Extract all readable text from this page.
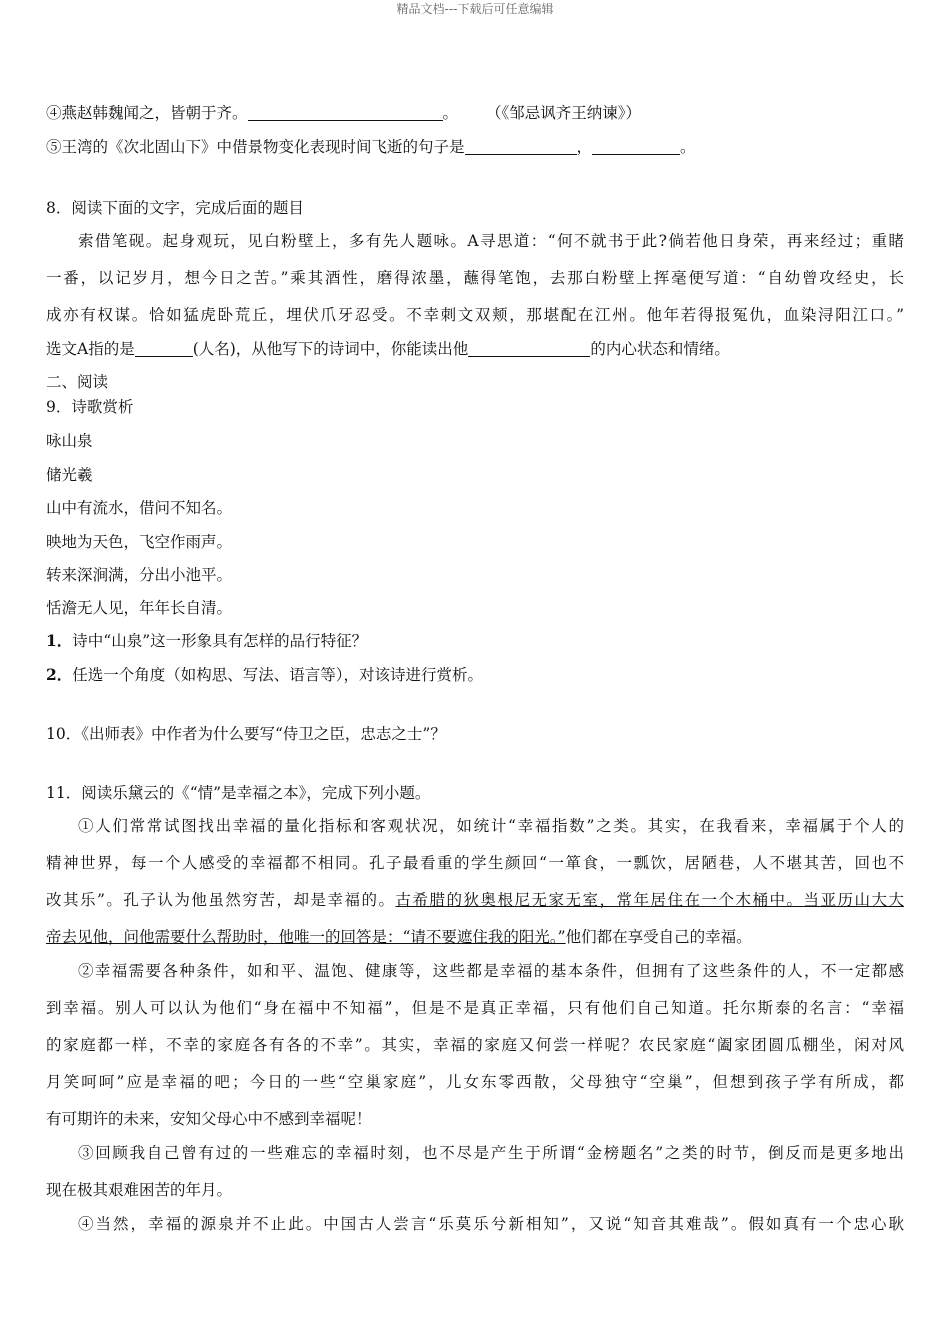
精品文档---下载后可任意编辑
④燕赵韩魏闻之，皆朝于齐。	。 （《邹忌讽齐王纳谏》）
⑤王湾的《次北固山下》中借景物变化表现时间飞逝的句子是	，	。
8．阅读下面的文字，完成后面的题目
索借笔砚。起身观玩，见白粉壁上，多有先人题咏。A寻思道：“何不就书于此?倘若他日身荣，再来经过；重睹
一番，以记岁月，想今日之苦。”乘其酒性，磨得浓墨，蘸得笔饱，去那白粉壁上挥毫便写道：“自幼曾攻经史，长
成亦有权谋。恰如猛虎卧荒丘，埋伏爪牙忍受。不幸刺文双颊，那堪配在江州。他年若得报冤仇，血染浔阳江口。”
选文A指的是	(人名)，从他写下的诗词中，你能读出他	的内心状态和情绪。
二、阅读
9．诗歌赏析
咏山泉
储光羲
山中有流水，借问不知名。
映地为天色，飞空作雨声。
转来深涧满，分出小池平。
恬澹无人见，年年长自清。
1．诗中“山泉”这一形象具有怎样的品行特征？
2．任选一个角度（如构思、写法、语言等），对该诗进行赏析。
10．《出师表》中作者为什么要写“侍卫之臣，忠志之士”？
11．阅读乐黛云的《“情”是幸福之本》，完成下列小题。
①人们常常试图找出幸福的量化指标和客观状况，如统计“幸福指数”之类。其实，在我看来，幸福属于个人的
精神世界，每一个人感受的幸福都不相同。孔子最看重的学生颜回“一箪食，一瓢饮，居陋巷，人不堪其苦，回也不
改其乐”。孔子认为他虽然穷苦，却是幸福的。古希腊的狄奥根尼无家无室，常年居住在一个木桶中。当亚历山大大
帝去见他，问他需要什么帮助时，他唯一的回答是：“请不要遮住我的阳光。”他们都在享受自己的幸福。
②幸福需要各种条件，如和平、温饱、健康等，这些都是幸福的基本条件，但拥有了这些条件的人，不一定都感
到幸福。别人可以认为他们“身在福中不知福”，但是不是真正幸福，只有他们自己知道。托尔斯泰的名言：“幸福
的家庭都一样，不幸的家庭各有各的不幸”。其实，幸福的家庭又何尝一样呢？农民家庭“阖家团圆瓜棚坐，闲对风
月笑呵呵”应是幸福的吧；今日的一些“空巢家庭”，儿女东零西散，父母独守“空巢”，但想到孩子学有所成，都
有可期许的未来，安知父母心中不感到幸福呢！
③回顾我自己曾有过的一些难忘的幸福时刻，也不尽是产生于所谓“金榜题名”之类的时节，倒反而是更多地出
现在极其艰难困苦的年月。
④当然，幸福的源泉并不止此。中国古人尝言“乐莫乐兮新相知”，又说“知音其难哉”。假如真有一个忠心耿
